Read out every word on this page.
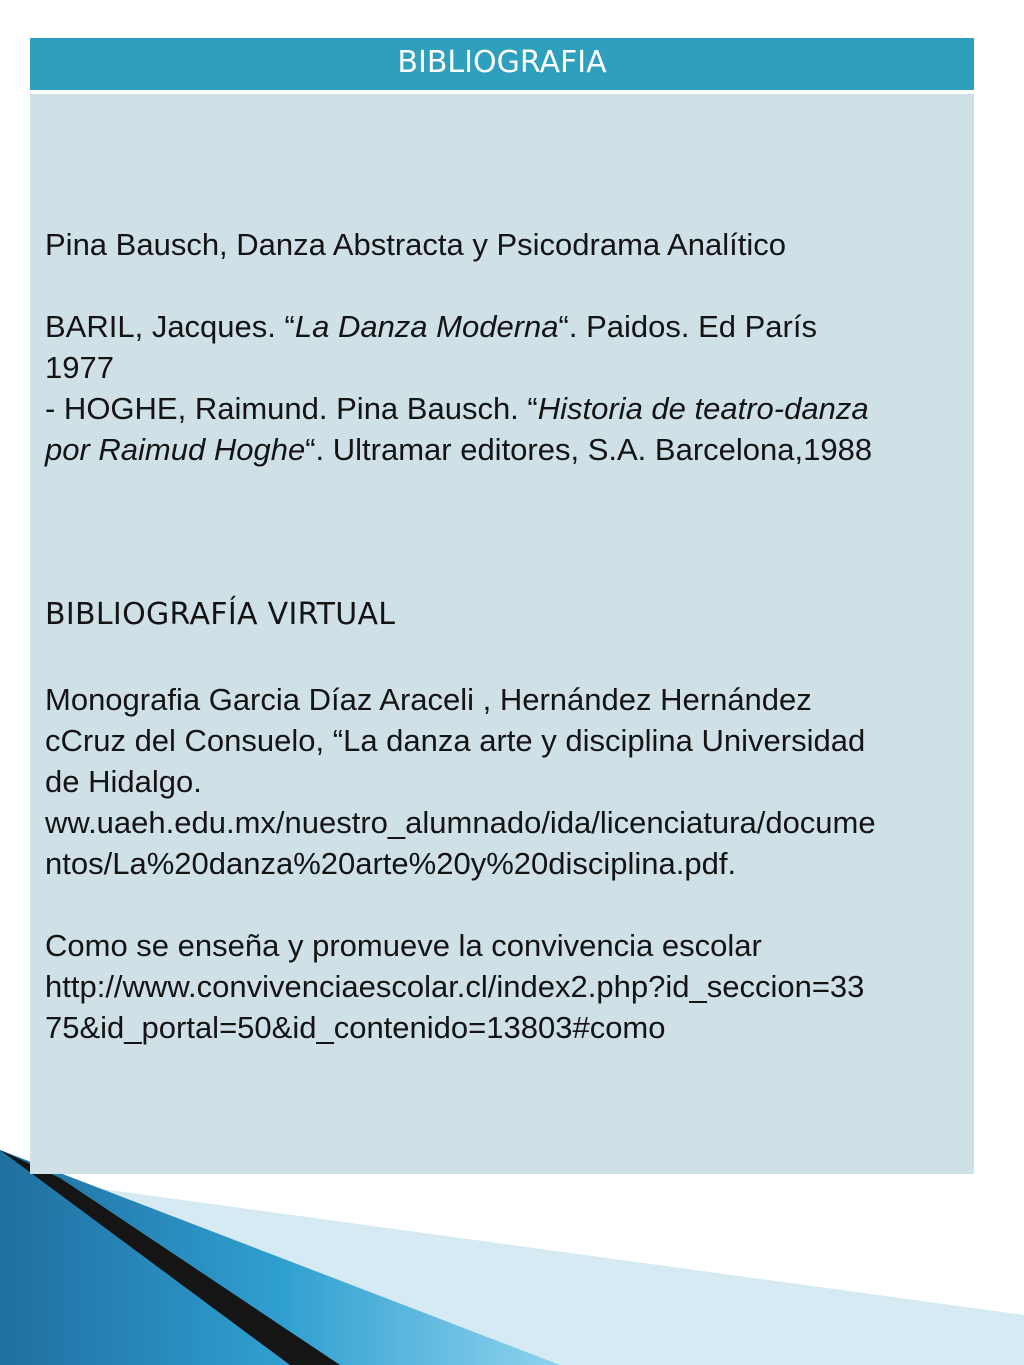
BIBLIOGRAFIA

Pina Bausch, Danza Abstracta y Psicodrama Analítico

BARIL, Jacques. “La Danza Moderna“. Paidos. Ed París

1977

- HOGHE, Raimund. Pina Bausch. “Historia de teatro-danza

por Raimud Hoghe“. Ultramar editores, S.A. Barcelona,1988

BIBLIOGRAFÍA VIRTUAL

Monografia Garcia Díaz Araceli , Hernández Hernández

cCruz del Consuelo, “La danza arte y disciplina Universidad

de Hidalgo.

ww.uaeh.edu.mx/nuestro_alumnado/ida/licenciatura/docume

ntos/La%20danza%20arte%20y%20disciplina.pdf.

Como se enseña y promueve la convivencia escolar

http://www.convivenciaescolar.cl/index2.php?id_seccion=33

75&id_portal=50&id_contenido=13803#como
